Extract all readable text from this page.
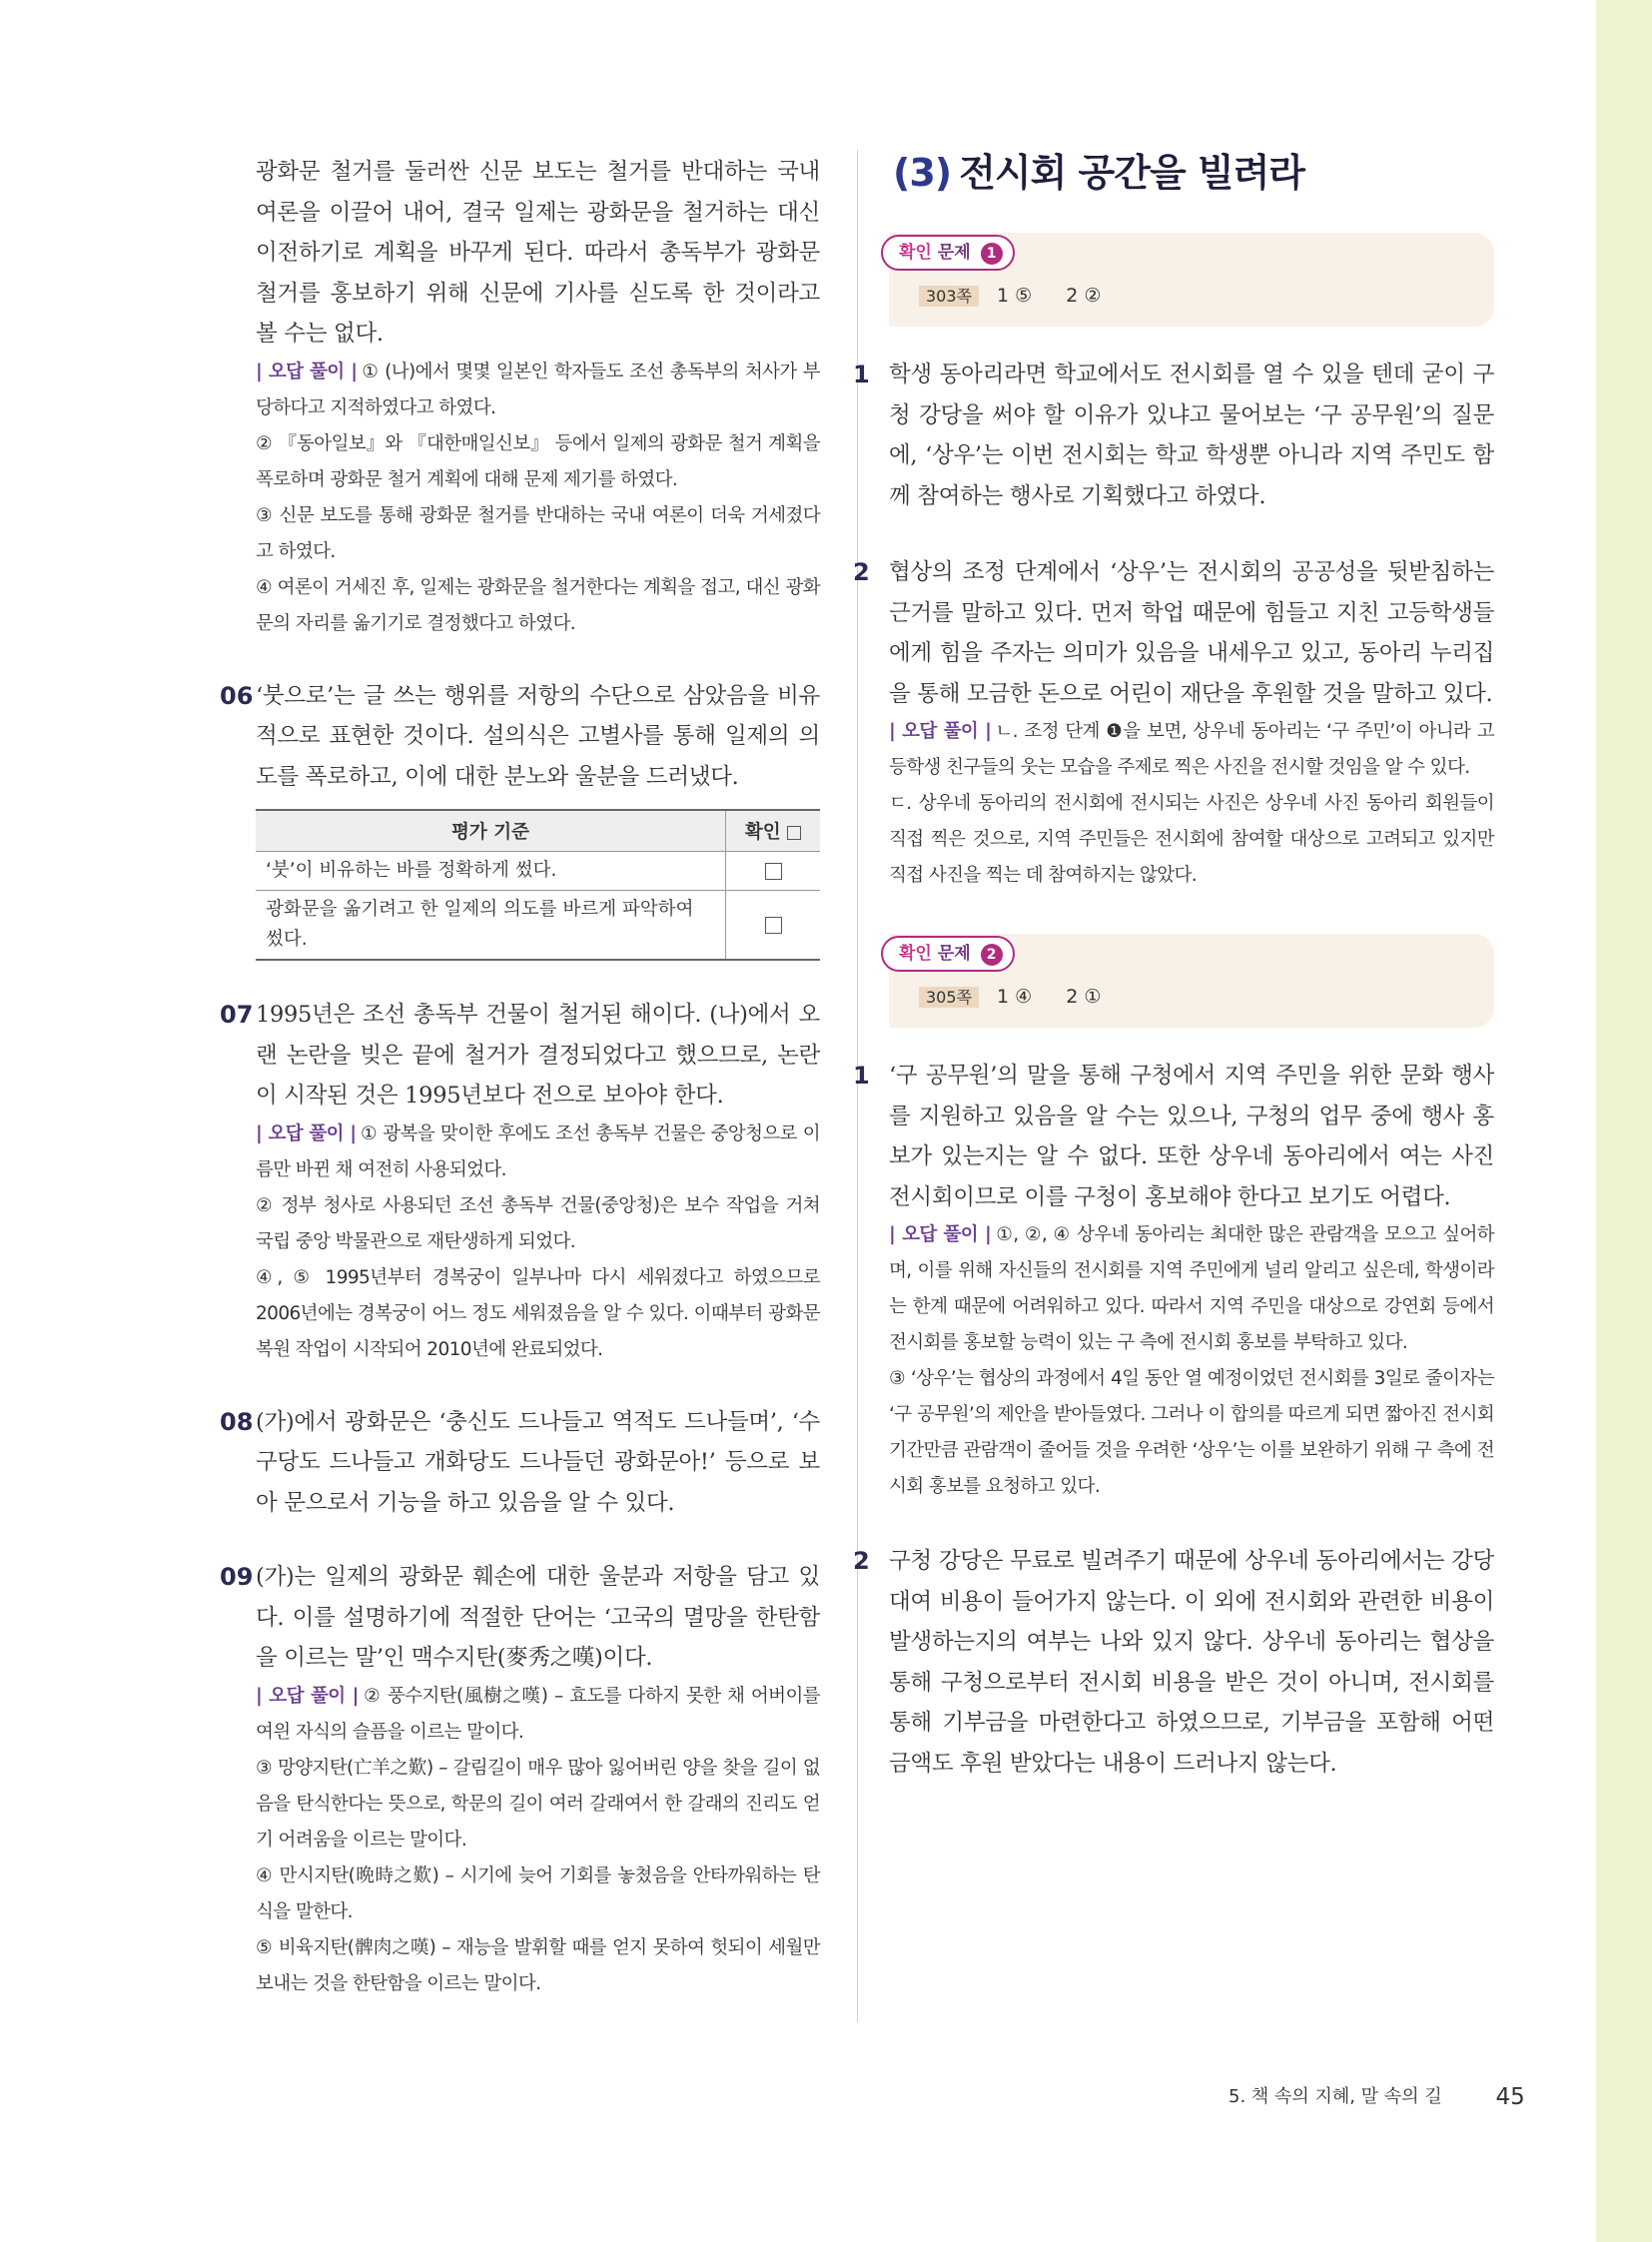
광화문 철거를 둘러싼 신문 보도는 철거를 반대하는 국내 여론을 이끌어 내어, 결국 일제는 광화문을 철거하는 대신 이전하기로 계획을 바꾸게 된다. 따라서 총독부가 광화문 철거를 홍보하기 위해 신문에 기사를 싣도록 한 것이라고 볼 수는 없다.

| 오답 풀이 | ① (나)에서 몇몇 일본인 학자들도 조선 총독부의 처사가 부당하다고 지적하였다고 하였다.

② 『동아일보』와 『대한매일신보』 등에서 일제의 광화문 철거 계획을 폭로하며 광화문 철거 계획에 대해 문제 제기를 하였다.

③ 신문 보도를 통해 광화문 철거를 반대하는 국내 여론이 더욱 거세졌다고 하였다.

④ 여론이 거세진 후, 일제는 광화문을 철거한다는 계획을 접고, 대신 광화문의 자리를 옮기기로 결정했다고 하였다.

06 ‘붓으로’는 글 쓰는 행위를 저항의 수단으로 삼았음을 비유적으로 표현한 것이다. 설의식은 고별사를 통해 일제의 의도를 폭로하고, 이에 대한 분노와 울분을 드러냈다.

평가 기준	확인
‘붓’이 비유하는 바를 정확하게 썼다.	
광화문을 옮기려고 한 일제의 의도를 바르게 파악하여 썼다.	
07 1995년은 조선 총독부 건물이 철거된 해이다. (나)에서 오랜 논란을 빚은 끝에 철거가 결정되었다고 했으므로, 논란이 시작된 것은 1995년보다 전으로 보아야 한다.

| 오답 풀이 | ① 광복을 맞이한 후에도 조선 총독부 건물은 중앙청으로 이름만 바뀐 채 여전히 사용되었다.

② 정부 청사로 사용되던 조선 총독부 건물(중앙청)은 보수 작업을 거쳐 국립 중앙 박물관으로 재탄생하게 되었다.

④, ⑤ 1995년부터 경복궁이 일부나마 다시 세워졌다고 하였으므로 2006년에는 경복궁이 어느 정도 세워졌음을 알 수 있다. 이때부터 광화문 복원 작업이 시작되어 2010년에 완료되었다.

08 (가)에서 광화문은 ‘충신도 드나들고 역적도 드나들며’, ‘수구당도 드나들고 개화당도 드나들던 광화문아!’ 등으로 보아 문으로서 기능을 하고 있음을 알 수 있다.

09 (가)는 일제의 광화문 훼손에 대한 울분과 저항을 담고 있다. 이를 설명하기에 적절한 단어는 ‘고국의 멸망을 한탄함을 이르는 말’인 맥수지탄(麥秀之嘆)이다.

| 오답 풀이 | ② 풍수지탄(風樹之嘆) – 효도를 다하지 못한 채 어버이를 여읜 자식의 슬픔을 이르는 말이다.

③ 망양지탄(亡羊之歎) – 갈림길이 매우 많아 잃어버린 양을 찾을 길이 없음을 탄식한다는 뜻으로, 학문의 길이 여러 갈래여서 한 갈래의 진리도 얻기 어려움을 이르는 말이다.

④ 만시지탄(晩時之歎) – 시기에 늦어 기회를 놓쳤음을 안타까워하는 탄식을 말한다.

⑤ 비육지탄(髀肉之嘆) – 재능을 발휘할 때를 얻지 못하여 헛되이 세월만 보내는 것을 한탄함을 이르는 말이다.

(3) 전시회 공간을 빌려라
확인 문제 1
303쪽 1 ⑤ 2 ②
1 학생 동아리라면 학교에서도 전시회를 열 수 있을 텐데 굳이 구청 강당을 써야 할 이유가 있냐고 물어보는 ‘구 공무원’의 질문에, ‘상우’는 이번 전시회는 학교 학생뿐 아니라 지역 주민도 함께 참여하는 행사로 기획했다고 하였다.

2 협상의 조정 단계에서 ‘상우’는 전시회의 공공성을 뒷받침하는 근거를 말하고 있다. 먼저 학업 때문에 힘들고 지친 고등학생들에게 힘을 주자는 의미가 있음을 내세우고 있고, 동아리 누리집을 통해 모금한 돈으로 어린이 재단을 후원할 것을 말하고 있다.

| 오답 풀이 | ㄴ. 조정 단계 ❶을 보면, 상우네 동아리는 ‘구 주민’이 아니라 고등학생 친구들의 웃는 모습을 주제로 찍은 사진을 전시할 것임을 알 수 있다.

ㄷ. 상우네 동아리의 전시회에 전시되는 사진은 상우네 사진 동아리 회원들이 직접 찍은 것으로, 지역 주민들은 전시회에 참여할 대상으로 고려되고 있지만 직접 사진을 찍는 데 참여하지는 않았다.

확인 문제 2
305쪽 1 ④ 2 ①
1 ‘구 공무원’의 말을 통해 구청에서 지역 주민을 위한 문화 행사를 지원하고 있음을 알 수는 있으나, 구청의 업무 중에 행사 홍보가 있는지는 알 수 없다. 또한 상우네 동아리에서 여는 사진 전시회이므로 이를 구청이 홍보해야 한다고 보기도 어렵다.

| 오답 풀이 | ①, ②, ④ 상우네 동아리는 최대한 많은 관람객을 모으고 싶어하며, 이를 위해 자신들의 전시회를 지역 주민에게 널리 알리고 싶은데, 학생이라는 한계 때문에 어려워하고 있다. 따라서 지역 주민을 대상으로 강연회 등에서 전시회를 홍보할 능력이 있는 구 측에 전시회 홍보를 부탁하고 있다.

③ ‘상우’는 협상의 과정에서 4일 동안 열 예정이었던 전시회를 3일로 줄이자는 ‘구 공무원’의 제안을 받아들였다. 그러나 이 합의를 따르게 되면 짧아진 전시회 기간만큼 관람객이 줄어들 것을 우려한 ‘상우’는 이를 보완하기 위해 구 측에 전시회 홍보를 요청하고 있다.

2 구청 강당은 무료로 빌려주기 때문에 상우네 동아리에서는 강당 대여 비용이 들어가지 않는다. 이 외에 전시회와 관련한 비용이 발생하는지의 여부는 나와 있지 않다. 상우네 동아리는 협상을 통해 구청으로부터 전시회 비용을 받은 것이 아니며, 전시회를 통해 기부금을 마련한다고 하였으므로, 기부금을 포함해 어떤 금액도 후원 받았다는 내용이 드러나지 않는다.

5. 책 속의 지혜, 말 속의 길 45
